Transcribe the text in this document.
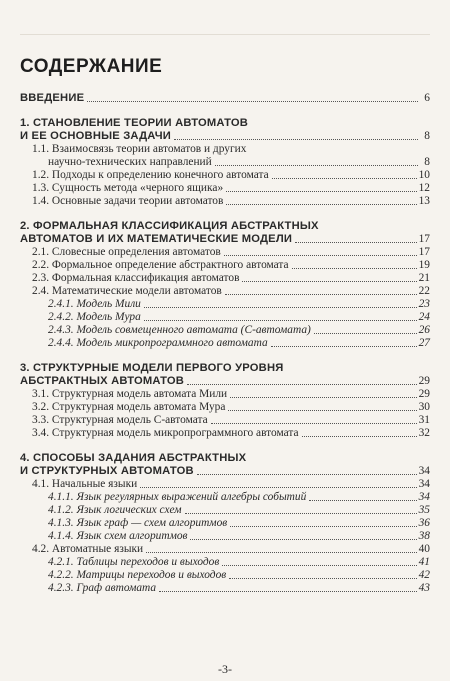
СОДЕРЖАНИЕ
ВВЕДЕНИЕ	6
1. СТАНОВЛЕНИЕ ТЕОРИИ АВТОМАТОВ
И ЕЕ ОСНОВНЫЕ ЗАДАЧИ	8
1.1. Взаимосвязь теории автоматов и других
научно-технических направлений	8
1.2. Подходы к определению конечного автомата	10
1.3. Сущность метода «черного ящика»	12
1.4. Основные задачи теории автоматов	13
2. ФОРМАЛЬНАЯ КЛАССИФИКАЦИЯ АБСТРАКТНЫХ
АВТОМАТОВ И ИХ МАТЕМАТИЧЕСКИЕ МОДЕЛИ	17
2.1. Словесные определения автоматов	17
2.2. Формальное определение абстрактного автомата	19
2.3. Формальная классификация автоматов	21
2.4. Математические модели автоматов	22
2.4.1. Модель Мили	23
2.4.2. Модель Мура	24
2.4.3. Модель совмещенного автомата (С-автомата)	26
2.4.4. Модель микропрограммного автомата	27
3. СТРУКТУРНЫЕ МОДЕЛИ ПЕРВОГО УРОВНЯ
АБСТРАКТНЫХ АВТОМАТОВ	29
3.1. Структурная модель автомата Мили	29
3.2. Структурная модель автомата Мура	30
3.3. Структурная модель С-автомата	31
3.4. Структурная модель микропрограммного автомата	32
4. СПОСОБЫ ЗАДАНИЯ АБСТРАКТНЫХ
И СТРУКТУРНЫХ АВТОМАТОВ	34
4.1. Начальные языки	34
4.1.1. Язык регулярных выражений алгебры событий	34
4.1.2. Язык логических схем	35
4.1.3. Язык граф — схем алгоритмов	36
4.1.4. Язык схем алгоритмов	38
4.2. Автоматные языки	40
4.2.1. Таблицы переходов и выходов	41
4.2.2. Матрицы переходов и выходов	42
4.2.3. Граф автомата	43
-3-
